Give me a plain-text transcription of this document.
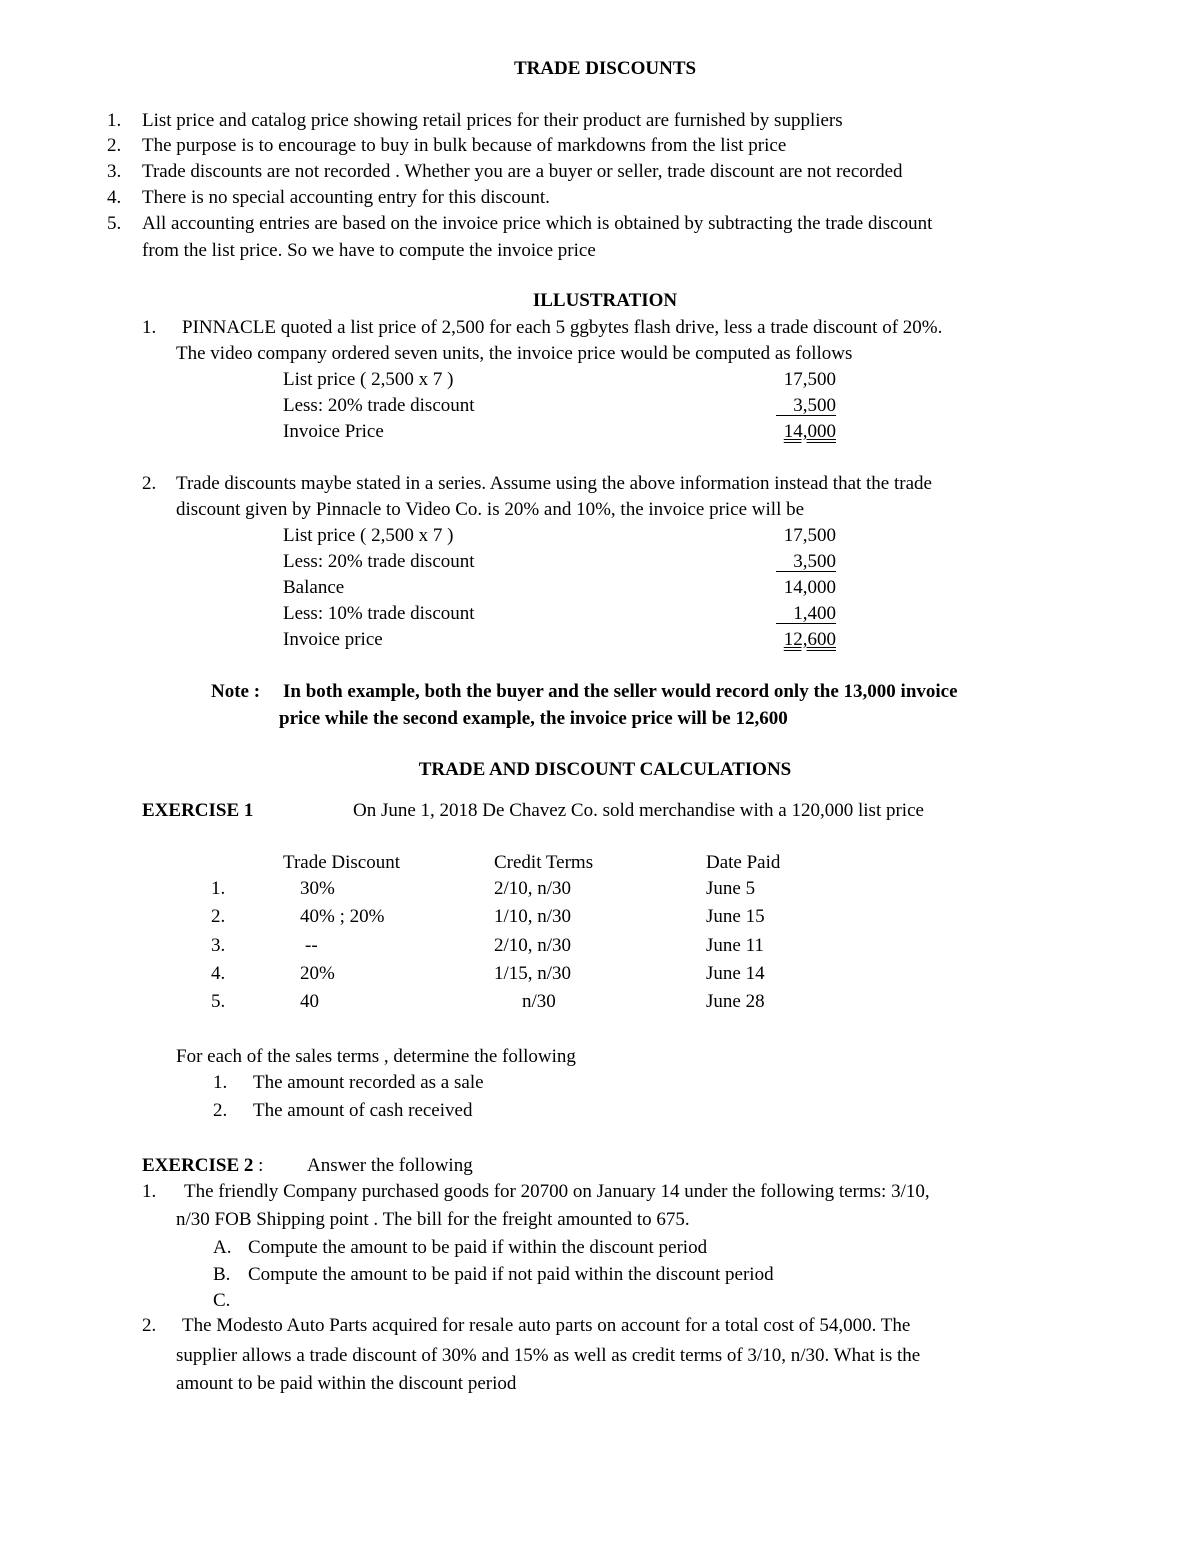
TRADE DISCOUNTS
1. List price and catalog price showing retail prices for their product are furnished by suppliers
2. The purpose is to encourage to buy in bulk because of markdowns from the list price
3. Trade discounts are not recorded . Whether you are a buyer or seller, trade discount are not recorded
4. There is no special accounting entry for this discount.
5. All accounting entries are based on the invoice price which is obtained by subtracting the trade discount
from the list price. So we have to compute the invoice price
ILLUSTRATION
1. PINNACLE quoted a list price of 2,500 for each 5 ggbytes flash drive, less a trade discount of 20%.
The video company ordered seven units, the invoice price would be computed as follows
List price ( 2,500 x 7 )	17,500
Less: 20% trade discount	3,500
Invoice Price	14,000
2. Trade discounts maybe stated in a series. Assume using the above information instead that the trade
discount given by Pinnacle to Video Co. is 20% and 10%, the invoice price will be
List price ( 2,500 x 7 )	17,500
Less: 20% trade discount	3,500
Balance	14,000
Less: 10% trade discount	1,400
Invoice price	12,600
Note : In both example, both the buyer and the seller would record only the 13,000 invoice
price while the second example, the invoice price will be 12,600
TRADE AND DISCOUNT CALCULATIONS
EXERCISE 1	On June 1, 2018 De Chavez Co. sold merchandise with a 120,000 list price
Trade Discount	Credit Terms	Date Paid
1.	30%	2/10, n/30	June 5
2.	40% ; 20%	1/10, n/30	June 15
3.	--	2/10, n/30	June 11
4.	20%	1/15, n/30	June 14
5.	40	n/30	June 28
For each of the sales terms , determine the following
1. The amount recorded as a sale
2. The amount of cash received
EXERCISE 2 : Answer the following
1. The friendly Company purchased goods for 20700 on January 14 under the following terms: 3/10,
n/30 FOB Shipping point . The bill for the freight amounted to 675.
A. Compute the amount to be paid if within the discount period
B. Compute the amount to be paid if not paid within the discount period
C.
2. The Modesto Auto Parts acquired for resale auto parts on account for a total cost of 54,000. The
supplier allows a trade discount of 30% and 15% as well as credit terms of 3/10, n/30. What is the
amount to be paid within the discount period
